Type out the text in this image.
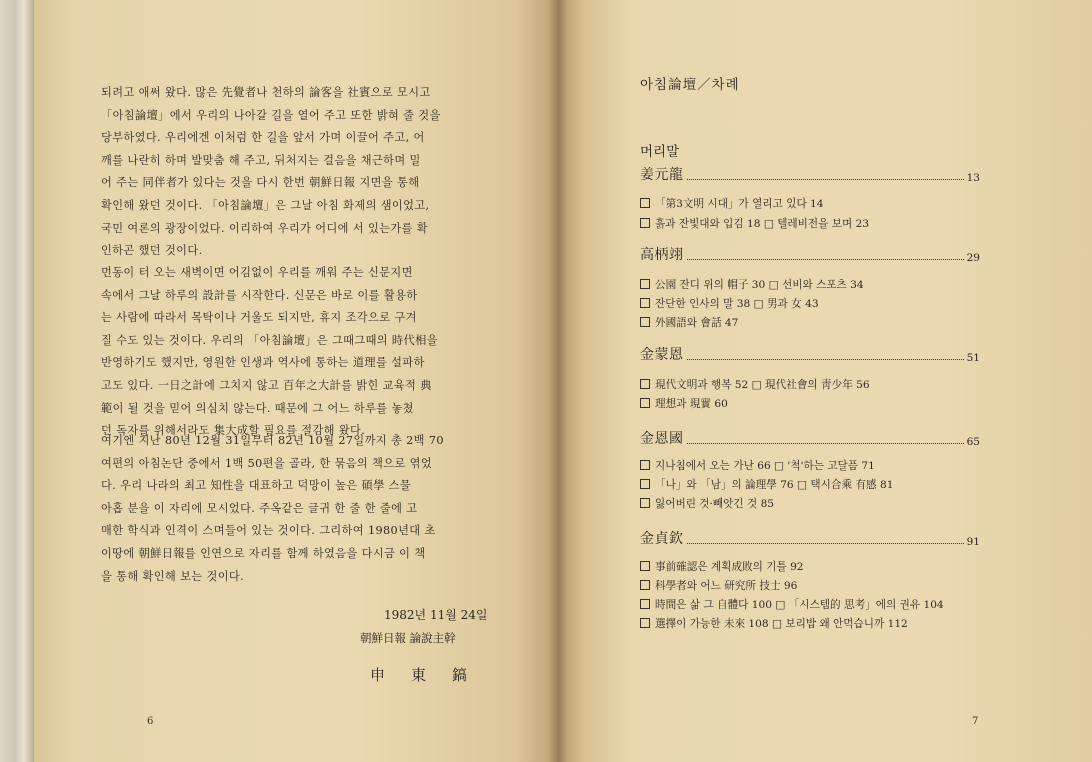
되려고 애써 왔다. 많은 先覺者나 천하의 論客을 社賓으로 모시고
「아침論壇」에서 우리의 나아갈 길을 열어 주고 또한 밝혀 줄 것을
당부하였다. 우리에겐 이처럼 한 길을 앞서 가며 이끌어 주고, 어
깨를 나란히 하며 발맞춤 해 주고, 뒤처지는 걸음을 채근하며 밀
어 주는 同伴者가 있다는 것을 다시 한번 朝鮮日報 지면을 통해
확인해 왔던 것이다. 「아침論壇」은 그날 아침 화제의 샘이었고,
국민 여론의 광장이었다. 이리하여 우리가 어디에 서 있는가를 확
인하곤 했던 것이다.

먼동이 터 오는 새벽이면 어김없이 우리를 깨워 주는 신문지면
속에서 그날 하루의 設計를 시작한다. 신문은 바로 이를 활용하
는 사람에 따라서 목탁이나 거울도 되지만, 휴지 조각으로 구겨
질 수도 있는 것이다. 우리의 「아침論壇」은 그때그때의 時代相을
반영하기도 했지만, 영원한 인생과 역사에 통하는 道理를 설파하
고도 있다. 一日之計에 그치지 않고 百年之大計를 밝힌 교육적 典
範이 될 것을 믿어 의심치 않는다. 때문에 그 어느 하루를 놓쳤
던 독자를 위해서라도 集大成할 필요를 절감해 왔다.

여기엔 지난 80년 12월 31일부터 82년 10월 27일까지 총 2백 70
여편의 아침논단 중에서 1백 50편을 골라, 한 묶음의 책으로 엮었
다. 우리 나라의 최고 知性을 대표하고 덕망이 높은 碩學 스물
아홉 분을 이 자리에 모시었다. 주옥같은 글귀 한 줄 한 줄에 고
매한 학식과 인격이 스며들어 있는 것이다. 그리하여 1980년대 초
이땅에 朝鮮日報를 인연으로 자리를 함께 하였음을 다시금 이 책
을 통해 확인해 보는 것이다.

1982년 11월 24일
朝鮮日報 論說主幹
申東鎬
6
아침論壇／차례
머리말
姜元龍	13
「第3文明 시대」가 열리고 있다 14
흙과 잔빛대와 입김 18 □ 텔레비전을 보며 23
高柄翊	29
公園 잔디 위의 帽子 30 □ 선비와 스포츠 34
잔단한 인사의 말 38 □ 男과 女 43
外國語와 會話 47
金蒙恩	51
現代文明과 행복 52 □ 現代社會의 靑少年 56
理想과 現實 60
金恩國	65
지나침에서 오는 가난 66 □ '척'하는 고달픔 71
「나」와 「남」의 論理學 76 □ 택시合乘 有感 81
잃어버린 것·빼앗긴 것 85
金貞欽	91
事前確認은 계획成敗의 기틀 92
科學者와 어느 研究所 技士 96
時間은 삶 그 自體다 100 □ 「시스템的 思考」에의 권유 104
選擇이 가능한 未來 108 □ 보리밥 왜 안먹습니까 112
7
